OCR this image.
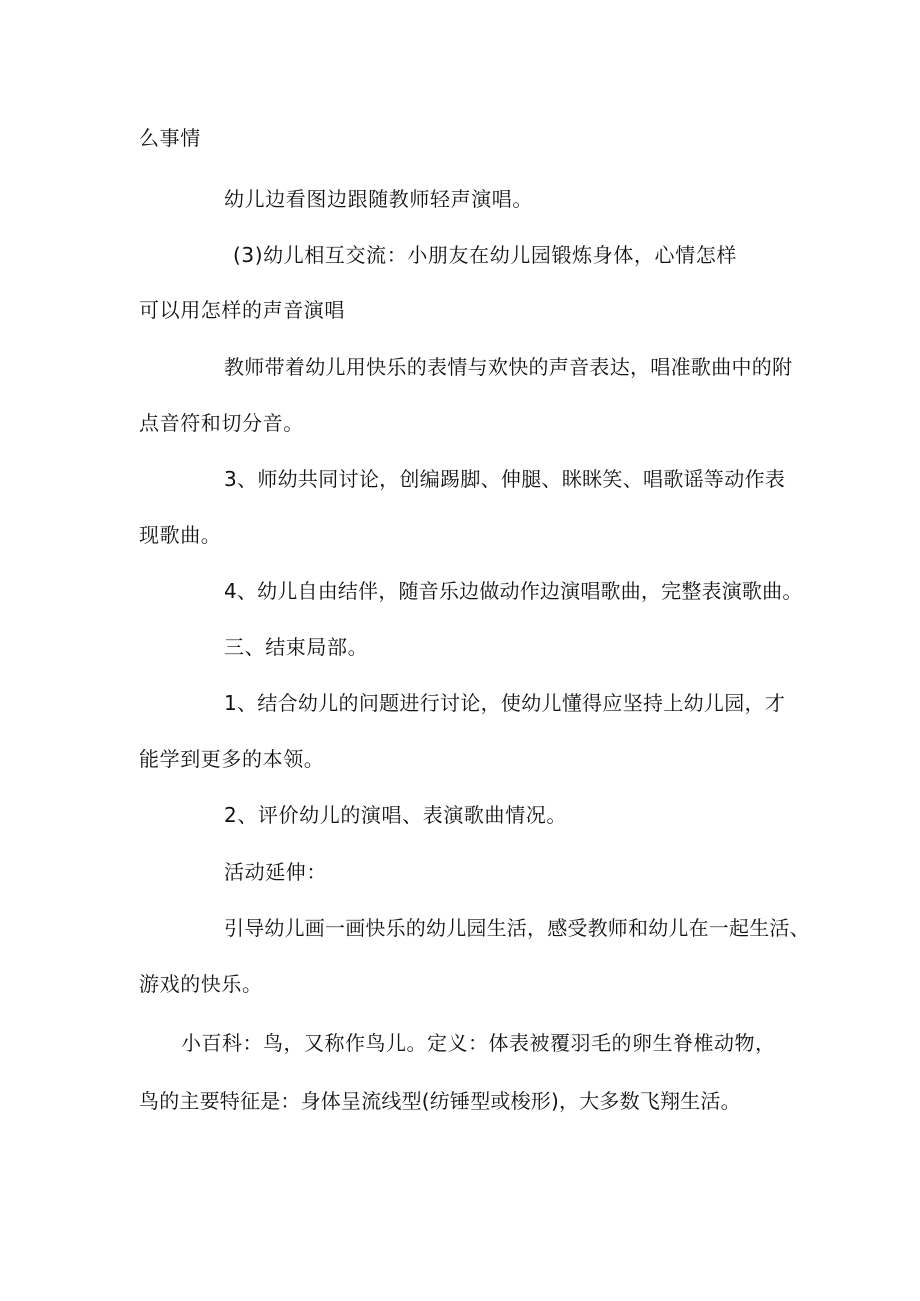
么事情
幼儿边看图边跟随教师轻声演唱。
(3)幼儿相互交流：小朋友在幼儿园锻炼身体，心情怎样
可以用怎样的声音演唱
教师带着幼儿用快乐的表情与欢快的声音表达，唱准歌曲中的附
点音符和切分音。
3、师幼共同讨论，创编踢脚、伸腿、眯眯笑、唱歌谣等动作表
现歌曲。
4、幼儿自由结伴，随音乐边做动作边演唱歌曲，完整表演歌曲。
三、结束局部。
1、结合幼儿的问题进行讨论，使幼儿懂得应坚持上幼儿园，才
能学到更多的本领。
2、评价幼儿的演唱、表演歌曲情况。
活动延伸：
引导幼儿画一画快乐的幼儿园生活，感受教师和幼儿在一起生活、
游戏的快乐。
小百科：鸟，又称作鸟儿。定义：体表被覆羽毛的卵生脊椎动物，
鸟的主要特征是：身体呈流线型(纺锤型或梭形)，大多数飞翔生活。
